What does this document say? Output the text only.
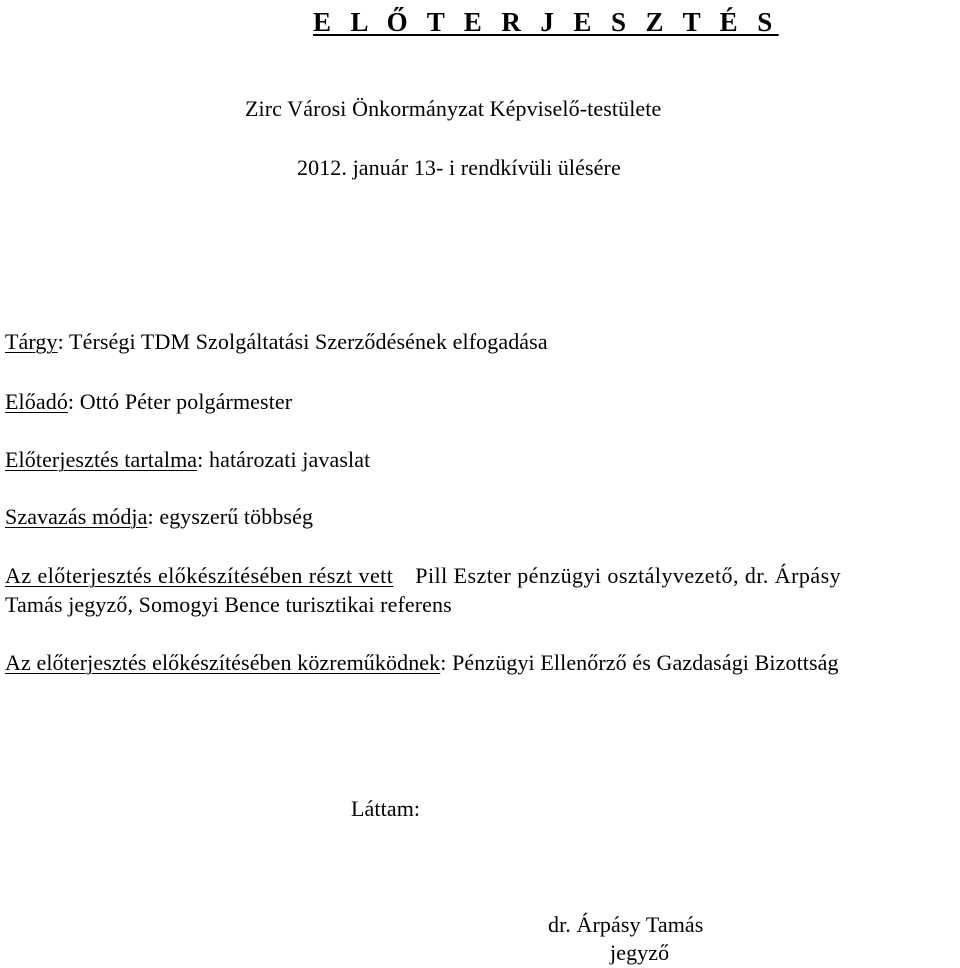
E L Ő T E R J E S Z T É S
Zirc Városi Önkormányzat Képviselő-testülete
2012. január 13- i rendkívüli ülésére
Tárgy: Térségi TDM Szolgáltatási Szerződésének elfogadása
Előadó: Ottó Péter polgármester
Előterjesztés tartalma: határozati javaslat
Szavazás módja: egyszerű többség
Az előterjesztés előkészítésében részt vett Pill Eszter pénzügyi osztályvezető, dr. Árpásy
Tamás jegyző, Somogyi Bence turisztikai referens
Az előterjesztés előkészítésében közreműködnek: Pénzügyi Ellenőrző és Gazdasági Bizottság
Láttam:
dr. Árpásy Tamás
jegyző
